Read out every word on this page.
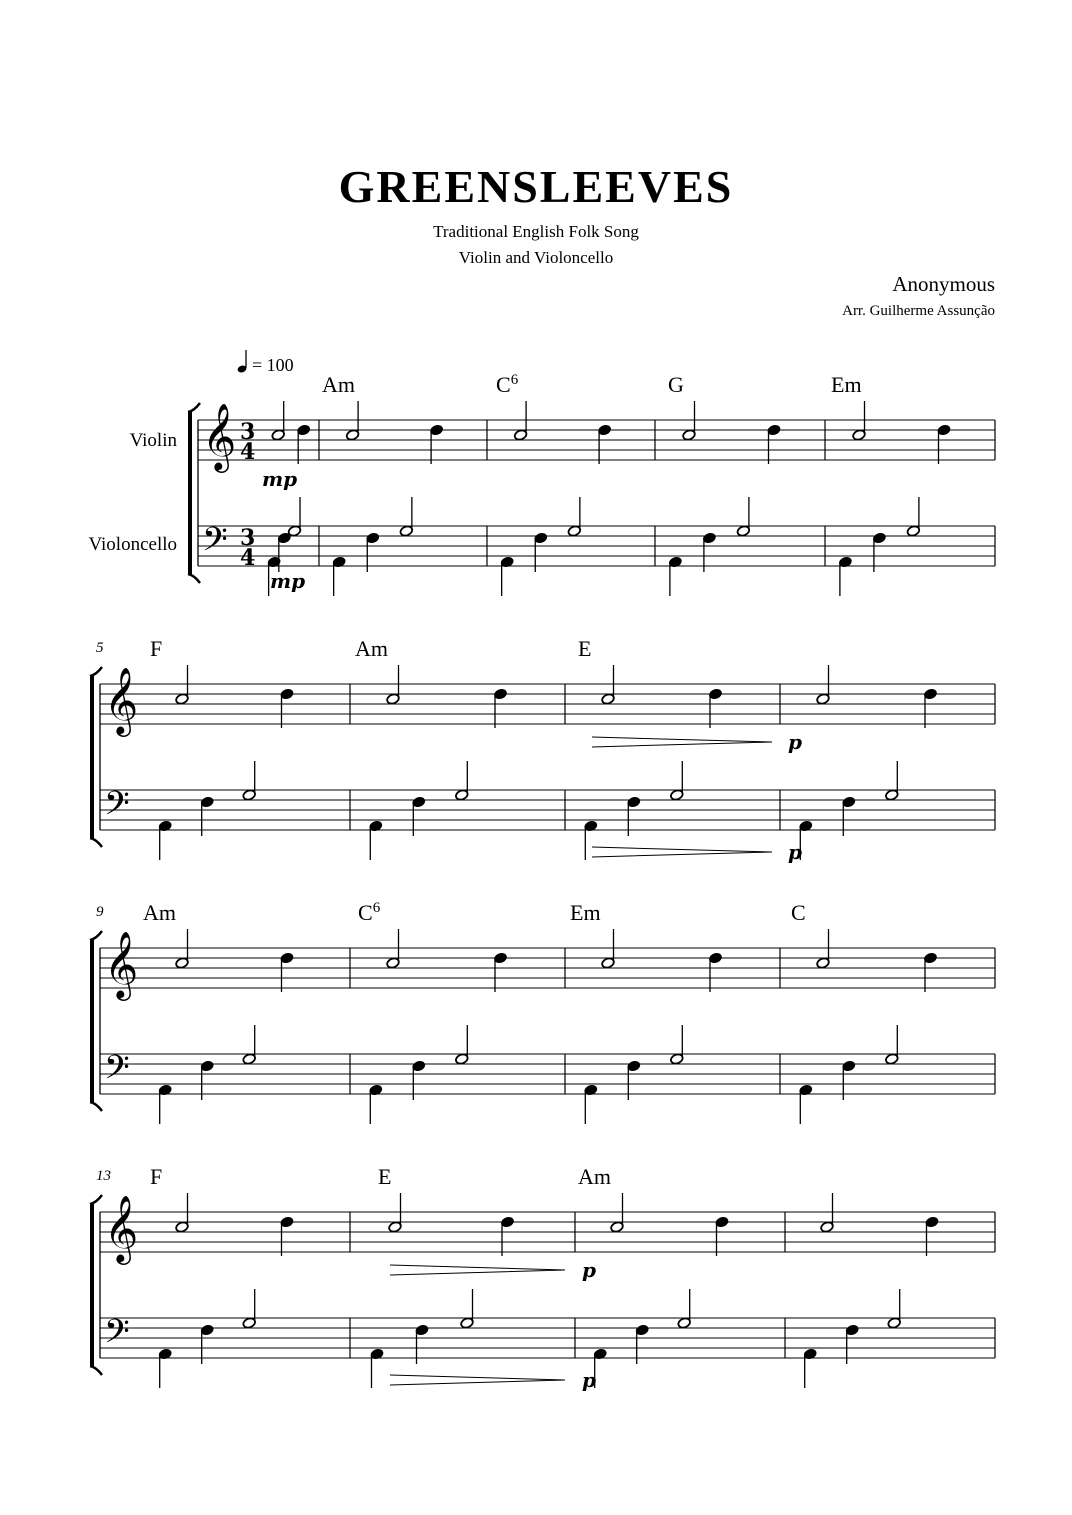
GREENSLEEVES
Traditional English Folk Song
Violin and Violoncello
Anonymous
Arr. Guilherme Assunção
= 100
Violin
Violoncello
𝄞
𝄢
3
4
3
4
Am	$C^6$	G	Em
mp
mp
𝄞
𝄢
5 F	Am	E
p
p
𝄞
𝄢
9 Am	$C^6$	Em	C
𝄞
𝄢
13 F	E	Am
p
p
